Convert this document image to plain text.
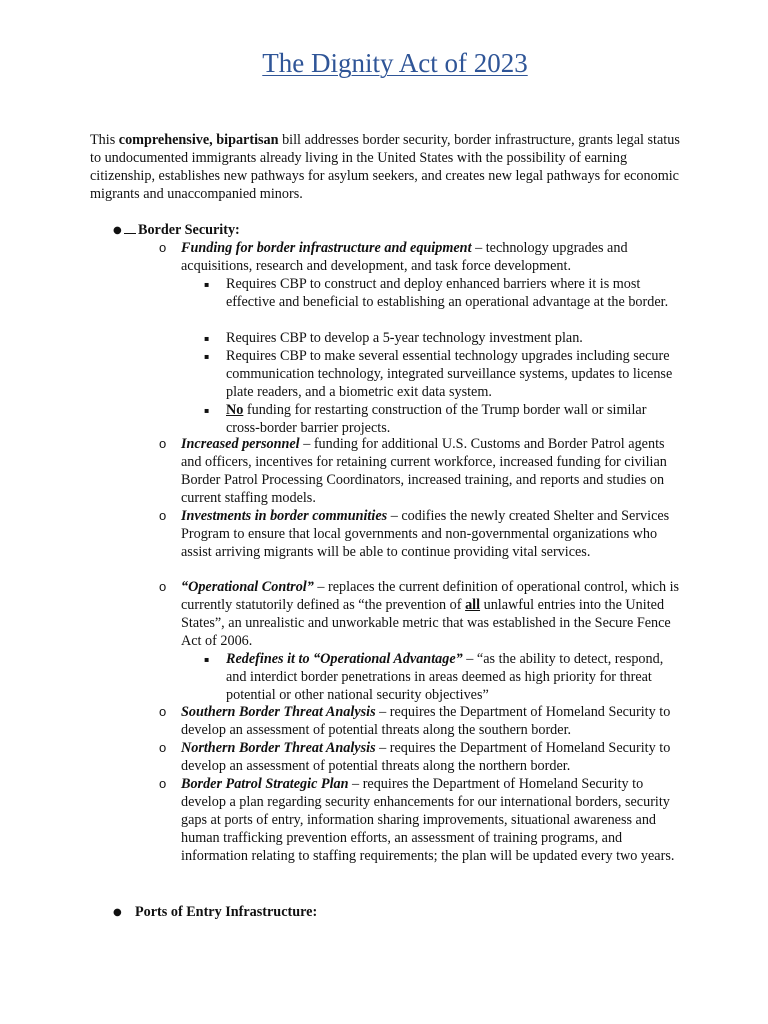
The Dignity Act of 2023
This comprehensive, bipartisan bill addresses border security, border infrastructure, grants legal status to undocumented immigrants already living in the United States with the possibility of earning citizenship, establishes new pathways for asylum seekers, and creates new legal pathways for economic migrants and unaccompanied minors.
●	Border Security:
o Funding for border infrastructure and equipment – technology upgrades and acquisitions, research and development, and task force development.
▪ Requires CBP to construct and deploy enhanced barriers where it is most effective and beneficial to establishing an operational advantage at the border.
▪ Requires CBP to develop a 5-year technology investment plan.
▪ Requires CBP to make several essential technology upgrades including secure communication technology, integrated surveillance systems, updates to license plate readers, and a biometric exit data system.
▪ No funding for restarting construction of the Trump border wall or similar cross-border barrier projects.
o Increased personnel – funding for additional U.S. Customs and Border Patrol agents and officers, incentives for retaining current workforce, increased funding for civilian Border Patrol Processing Coordinators, increased training, and reports and studies on current staffing models.
o Investments in border communities – codifies the newly created Shelter and Services Program to ensure that local governments and non-governmental organizations who assist arriving migrants will be able to continue providing vital services.
o “Operational Control” – replaces the current definition of operational control, which is currently statutorily defined as “the prevention of all unlawful entries into the United States”, an unrealistic and unworkable metric that was established in the Secure Fence Act of 2006.
▪ Redefines it to “Operational Advantage” – “as the ability to detect, respond, and interdict border penetrations in areas deemed as high priority for threat potential or other national security objectives”
o Southern Border Threat Analysis – requires the Department of Homeland Security to develop an assessment of potential threats along the southern border.
o Northern Border Threat Analysis – requires the Department of Homeland Security to develop an assessment of potential threats along the northern border.
o Border Patrol Strategic Plan – requires the Department of Homeland Security to develop a plan regarding security enhancements for our international borders, security gaps at ports of entry, information sharing improvements, situational awareness and human trafficking prevention efforts, an assessment of training programs, and information relating to staffing requirements; the plan will be updated every two years.
● Ports of Entry Infrastructure:
